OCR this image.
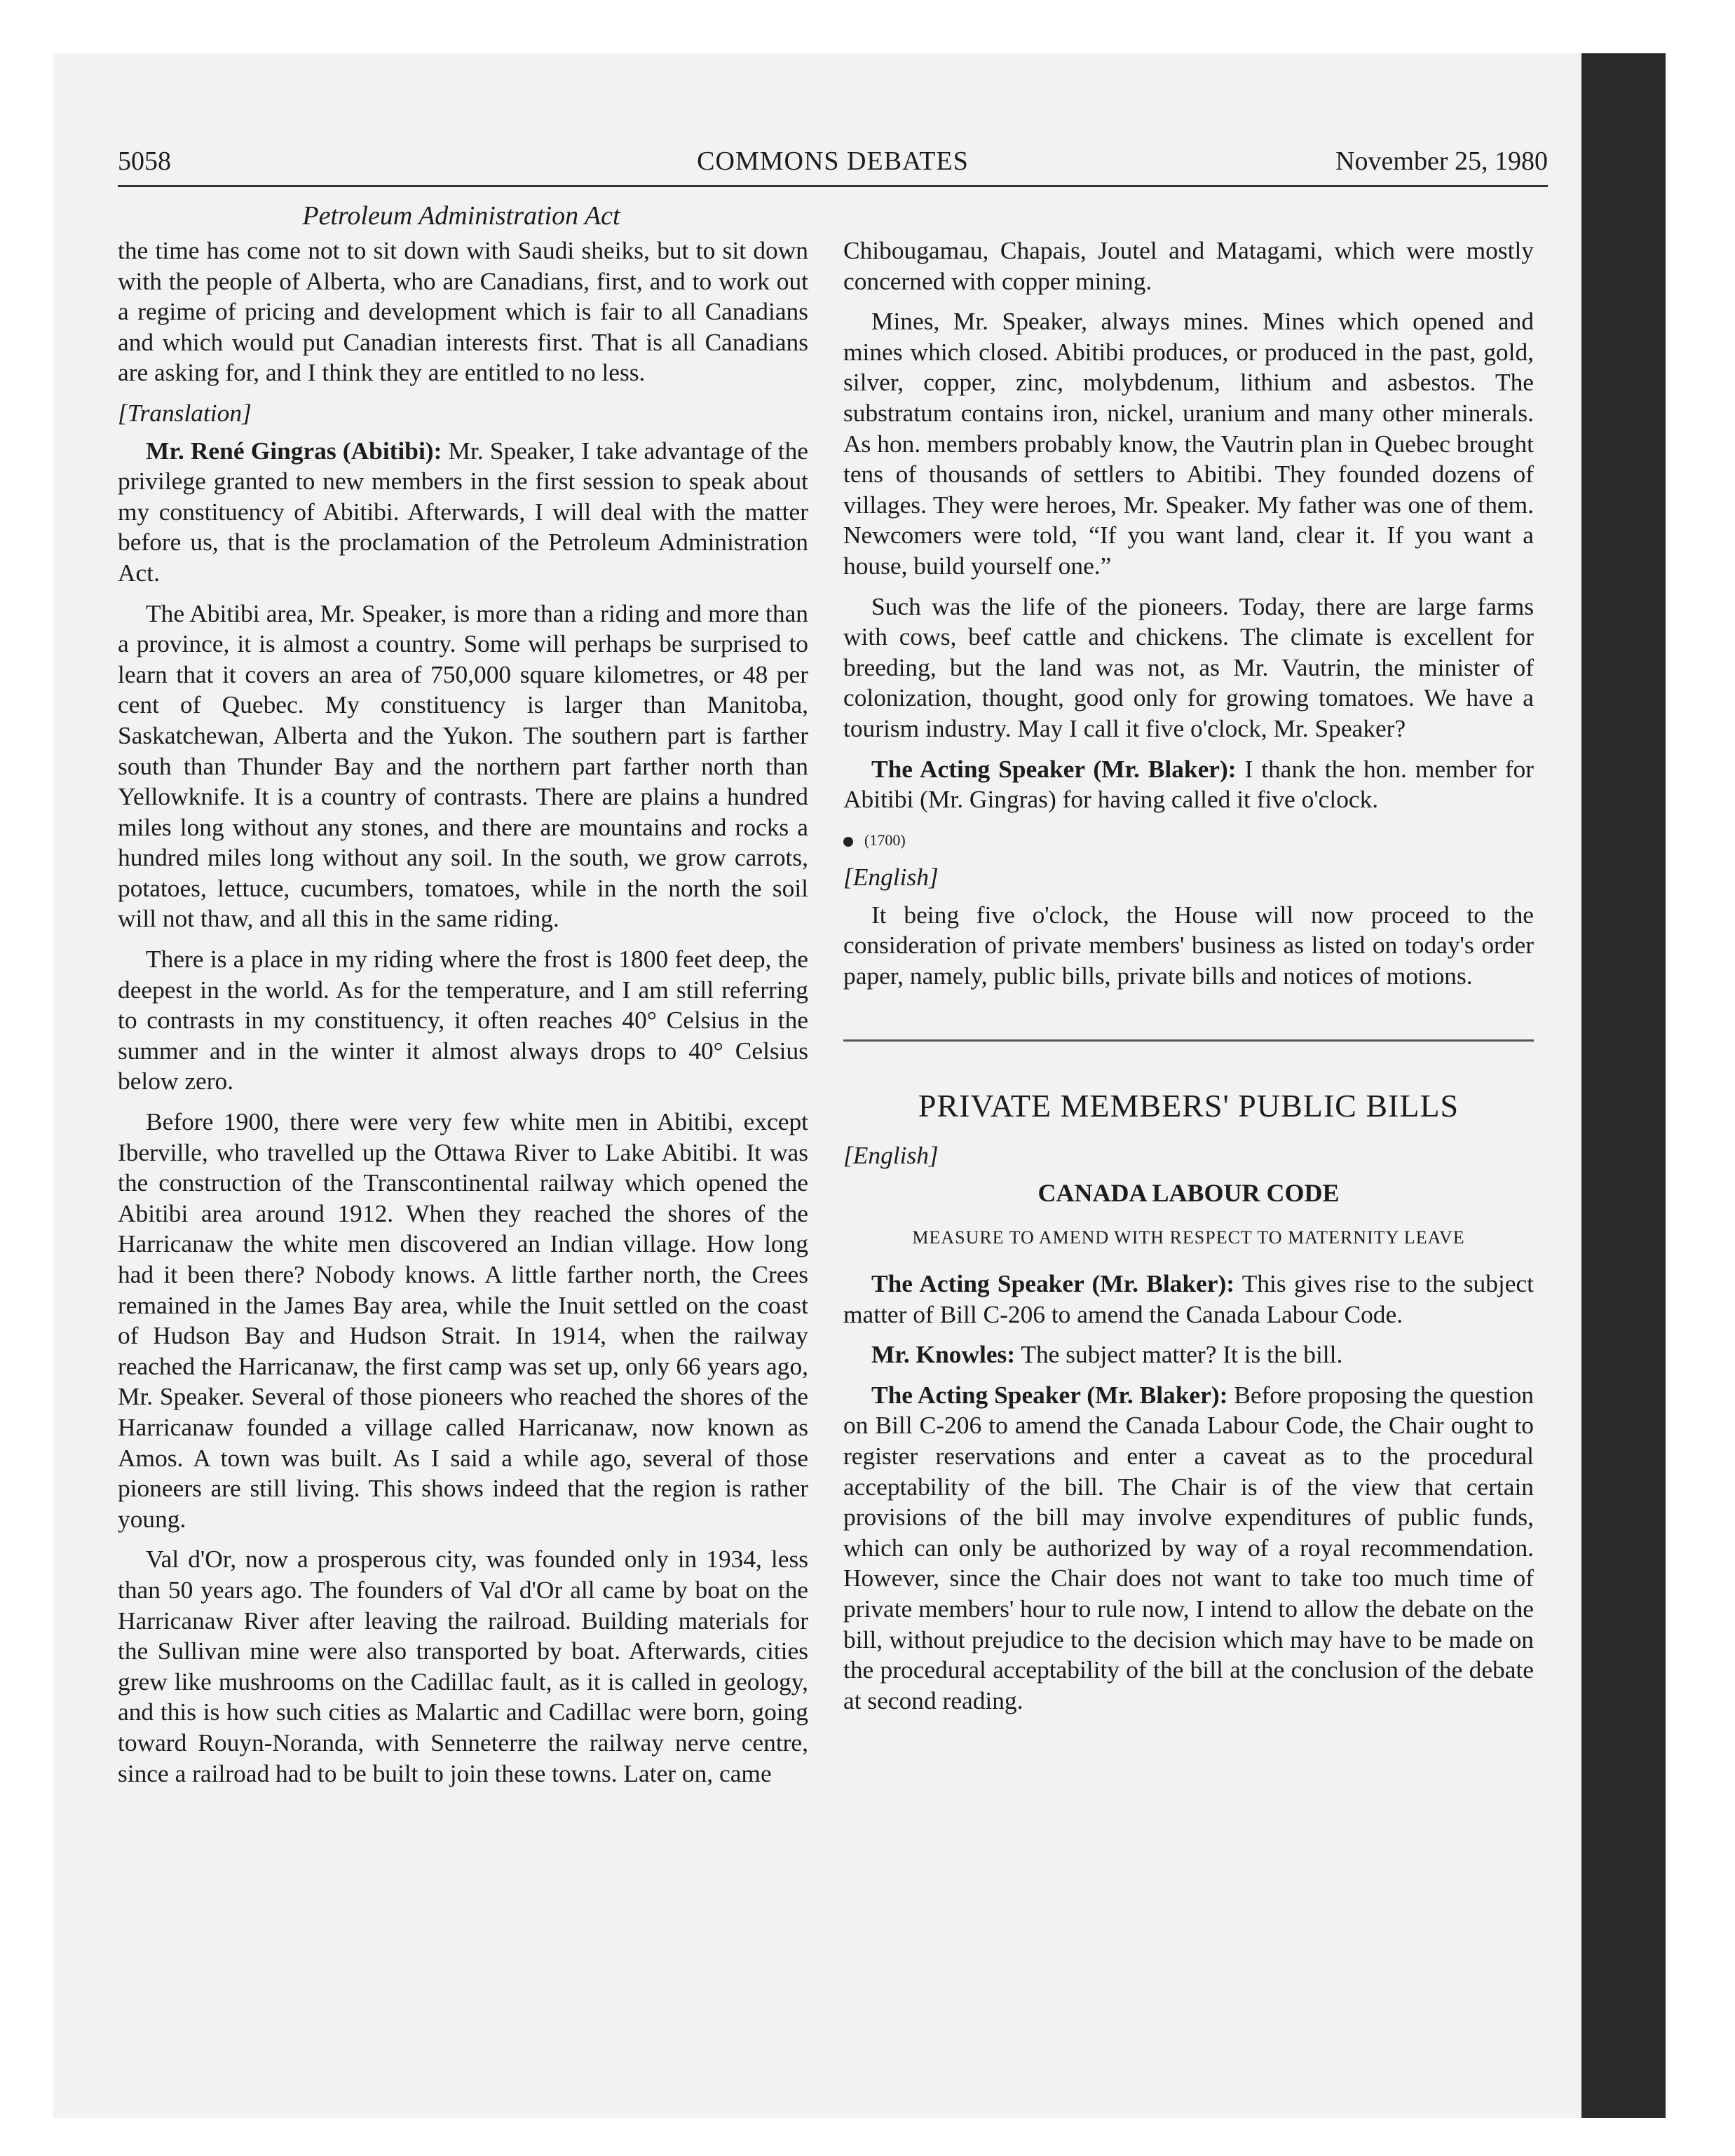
5058	COMMONS DEBATES	November 25, 1980
Petroleum Administration Act

the time has come not to sit down with Saudi sheiks, but to sit down with the people of Alberta, who are Canadians, first, and to work out a regime of pricing and development which is fair to all Canadians and which would put Canadian interests first. That is all Canadians are asking for, and I think they are entitled to no less.

[Translation]

Mr. René Gingras (Abitibi): Mr. Speaker, I take advantage of the privilege granted to new members in the first session to speak about my constituency of Abitibi. Afterwards, I will deal with the matter before us, that is the proclamation of the Petroleum Administration Act.

The Abitibi area, Mr. Speaker, is more than a riding and more than a province, it is almost a country. Some will perhaps be surprised to learn that it covers an area of 750,000 square kilometres, or 48 per cent of Quebec. My constituency is larger than Manitoba, Saskatchewan, Alberta and the Yukon. The southern part is farther south than Thunder Bay and the northern part farther north than Yellowknife. It is a country of contrasts. There are plains a hundred miles long without any stones, and there are mountains and rocks a hundred miles long without any soil. In the south, we grow carrots, potatoes, lettuce, cucumbers, tomatoes, while in the north the soil will not thaw, and all this in the same riding.

There is a place in my riding where the frost is 1800 feet deep, the deepest in the world. As for the temperature, and I am still referring to contrasts in my constituency, it often reaches 40° Celsius in the summer and in the winter it almost always drops to 40° Celsius below zero.

Before 1900, there were very few white men in Abitibi, except Iberville, who travelled up the Ottawa River to Lake Abitibi. It was the construction of the Transcontinental railway which opened the Abitibi area around 1912. When they reached the shores of the Harricanaw the white men discovered an Indian village. How long had it been there? Nobody knows. A little farther north, the Crees remained in the James Bay area, while the Inuit settled on the coast of Hudson Bay and Hudson Strait. In 1914, when the railway reached the Harricanaw, the first camp was set up, only 66 years ago, Mr. Speaker. Several of those pioneers who reached the shores of the Harricanaw founded a village called Harricanaw, now known as Amos. A town was built. As I said a while ago, several of those pioneers are still living. This shows indeed that the region is rather young.

Val d'Or, now a prosperous city, was founded only in 1934, less than 50 years ago. The founders of Val d'Or all came by boat on the Harricanaw River after leaving the railroad. Building materials for the Sullivan mine were also transported by boat. Afterwards, cities grew like mushrooms on the Cadillac fault, as it is called in geology, and this is how such cities as Malartic and Cadillac were born, going toward Rouyn-Noranda, with Senneterre the railway nerve centre, since a railroad had to be built to join these towns. Later on, came

Chibougamau, Chapais, Joutel and Matagami, which were mostly concerned with copper mining.

Mines, Mr. Speaker, always mines. Mines which opened and mines which closed. Abitibi produces, or produced in the past, gold, silver, copper, zinc, molybdenum, lithium and asbestos. The substratum contains iron, nickel, uranium and many other minerals. As hon. members probably know, the Vautrin plan in Quebec brought tens of thousands of settlers to Abitibi. They founded dozens of villages. They were heroes, Mr. Speaker. My father was one of them. Newcomers were told, “If you want land, clear it. If you want a house, build yourself one.”

Such was the life of the pioneers. Today, there are large farms with cows, beef cattle and chickens. The climate is excellent for breeding, but the land was not, as Mr. Vautrin, the minister of colonization, thought, good only for growing tomatoes. We have a tourism industry. May I call it five o'clock, Mr. Speaker?

The Acting Speaker (Mr. Blaker): I thank the hon. member for Abitibi (Mr. Gingras) for having called it five o'clock.

(1700)
[English]

It being five o'clock, the House will now proceed to the consideration of private members' business as listed on today's order paper, namely, public bills, private bills and notices of motions.

PRIVATE MEMBERS' PUBLIC BILLS
[English]
CANADA LABOUR CODE
MEASURE TO AMEND WITH RESPECT TO MATERNITY LEAVE

The Acting Speaker (Mr. Blaker): This gives rise to the subject matter of Bill C-206 to amend the Canada Labour Code.

Mr. Knowles: The subject matter? It is the bill.

The Acting Speaker (Mr. Blaker): Before proposing the question on Bill C-206 to amend the Canada Labour Code, the Chair ought to register reservations and enter a caveat as to the procedural acceptability of the bill. The Chair is of the view that certain provisions of the bill may involve expenditures of public funds, which can only be authorized by way of a royal recommendation. However, since the Chair does not want to take too much time of private members' hour to rule now, I intend to allow the debate on the bill, without prejudice to the decision which may have to be made on the procedural acceptability of the bill at the conclusion of the debate at second reading.
